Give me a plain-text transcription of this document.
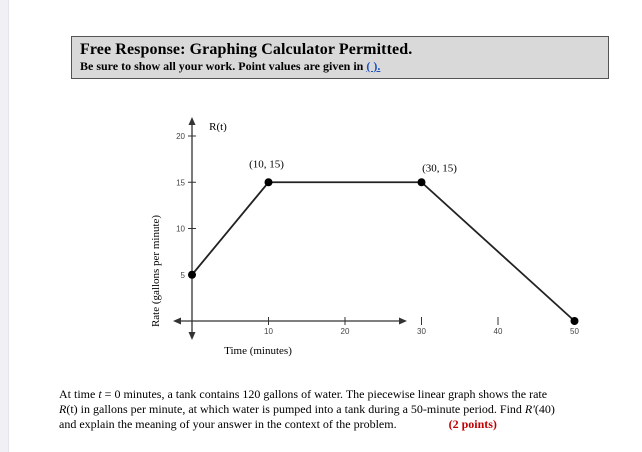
Free Response: Graphing Calculator Permitted.
Be sure to show all your work. Point values are given in ( ).
10	20	30	40	50
5
10
15
20
(10, 15)	(30, 15)
R(t)
Time (minutes)
Rate (gallons per minute)
At time t = 0 minutes, a tank contains 120 gallons of water. The piecewise linear graph shows the rate
R(t) in gallons per minute, at which water is pumped into a tank during a 50-minute period. Find R′(40)
and explain the meaning of your answer in the context of the problem.	(2 points)
